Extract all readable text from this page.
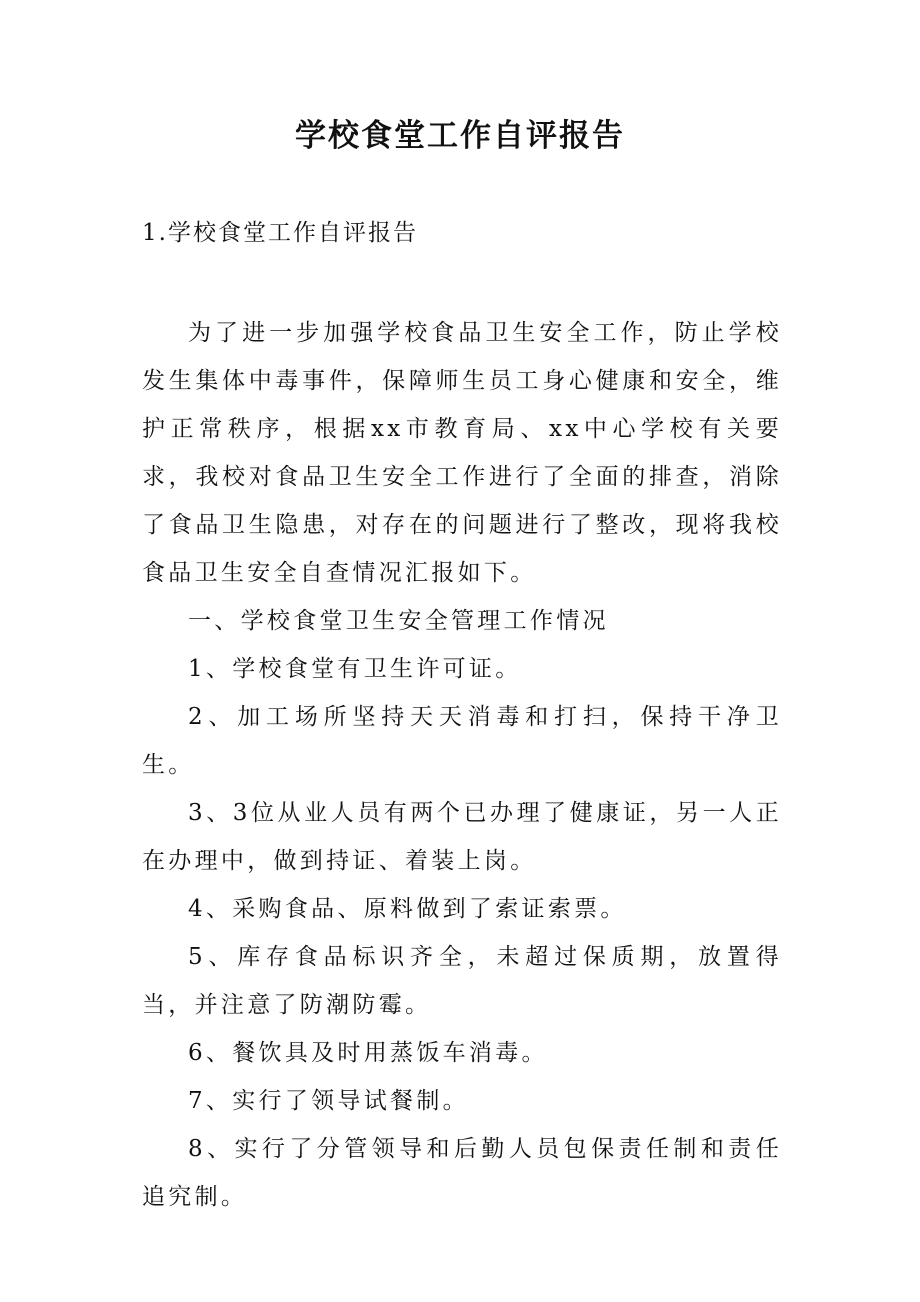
学校食堂工作自评报告
1.学校食堂工作自评报告

为了进一步加强学校食品卫生安全工作，防止学校发生集体中毒事件，保障师生员工身心健康和安全，维护正常秩序，根据xx市教育局、xx中心学校有关要求，我校对食品卫生安全工作进行了全面的排查，消除了食品卫生隐患，对存在的问题进行了整改，现将我校食品卫生安全自查情况汇报如下。

一、学校食堂卫生安全管理工作情况

1、学校食堂有卫生许可证。

2、加工场所坚持天天消毒和打扫，保持干净卫生。

3、3位从业人员有两个已办理了健康证，另一人正在办理中，做到持证、着装上岗。

4、采购食品、原料做到了索证索票。

5、库存食品标识齐全，未超过保质期，放置得当，并注意了防潮防霉。

6、餐饮具及时用蒸饭车消毒。

7、实行了领导试餐制。

8、实行了分管领导和后勤人员包保责任制和责任追究制。
